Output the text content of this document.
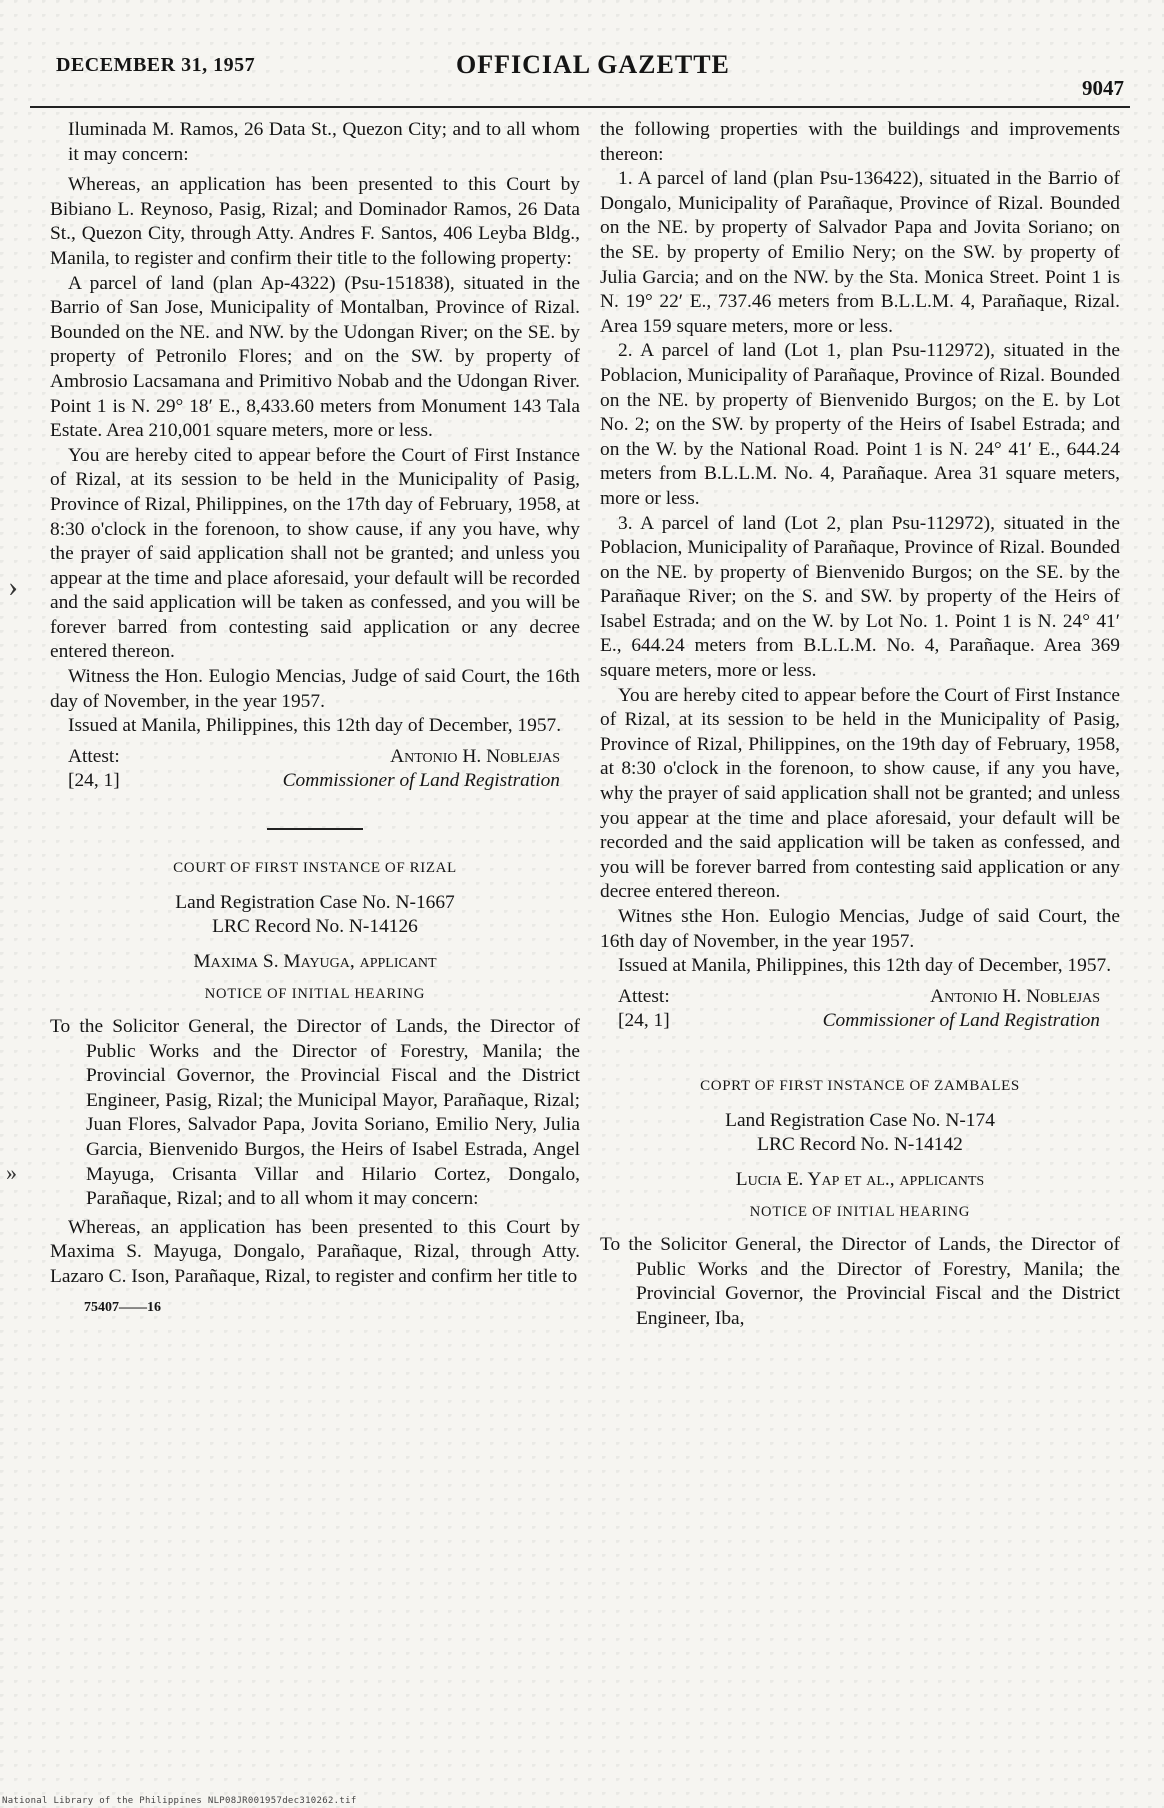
DECEMBER 31, 1957	OFFICIAL GAZETTE
9047
›
»

Iluminada M. Ramos, 26 Data St., Quezon City; and to all whom it may concern:

Whereas, an application has been presented to this Court by Bibiano L. Reynoso, Pasig, Rizal; and Dominador Ramos, 26 Data St., Quezon City, through Atty. Andres F. Santos, 406 Leyba Bldg., Manila, to register and confirm their title to the following property:

A parcel of land (plan Ap-4322) (Psu-151838), situated in the Barrio of San Jose, Municipality of Montalban, Province of Rizal. Bounded on the NE. and NW. by the Udongan River; on the SE. by property of Petronilo Flores; and on the SW. by property of Ambrosio Lacsamana and Primitivo Nobab and the Udongan River. Point 1 is N. 29° 18′ E., 8,433.60 meters from Monument 143 Tala Estate. Area 210,001 square meters, more or less.

You are hereby cited to appear before the Court of First Instance of Rizal, at its session to be held in the Municipality of Pasig, Province of Rizal, Philippines, on the 17th day of February, 1958, at 8:30 o'clock in the forenoon, to show cause, if any you have, why the prayer of said application shall not be granted; and unless you appear at the time and place aforesaid, your default will be recorded and the said application will be taken as confessed, and you will be forever barred from contesting said application or any decree entered thereon.

Witness the Hon. Eulogio Mencias, Judge of said Court, the 16th day of November, in the year 1957.

Issued at Manila, Philippines, this 12th day of December, 1957.

Attest:	Antonio H. Noblejas
[24, 1]	Commissioner of Land Registration
COURT OF FIRST INSTANCE OF RIZAL
Land Registration Case No. N-1667
LRC Record No. N-14126
Maxima S. Mayuga, applicant
NOTICE OF INITIAL HEARING

To the Solicitor General, the Director of Lands, the Director of Public Works and the Director of Forestry, Manila; the Provincial Governor, the Provincial Fiscal and the District Engineer, Pasig, Rizal; the Municipal Mayor, Parañaque, Rizal; Juan Flores, Salvador Papa, Jovita Soriano, Emilio Nery, Julia Garcia, Bienvenido Burgos, the Heirs of Isabel Estrada, Angel Mayuga, Crisanta Villar and Hilario Cortez, Dongalo, Parañaque, Rizal; and to all whom it may concern:

Whereas, an application has been presented to this Court by Maxima S. Mayuga, Dongalo, Parañaque, Rizal, through Atty. Lazaro C. Ison, Parañaque, Rizal, to register and confirm her title to

75407——16

the following properties with the buildings and improvements thereon:

1. A parcel of land (plan Psu-136422), situated in the Barrio of Dongalo, Municipality of Parañaque, Province of Rizal. Bounded on the NE. by property of Salvador Papa and Jovita Soriano; on the SE. by property of Emilio Nery; on the SW. by property of Julia Garcia; and on the NW. by the Sta. Monica Street. Point 1 is N. 19° 22′ E., 737.46 meters from B.L.L.M. 4, Parañaque, Rizal. Area 159 square meters, more or less.

2. A parcel of land (Lot 1, plan Psu-112972), situated in the Poblacion, Municipality of Parañaque, Province of Rizal. Bounded on the NE. by property of Bienvenido Burgos; on the E. by Lot No. 2; on the SW. by property of the Heirs of Isabel Estrada; and on the W. by the National Road. Point 1 is N. 24° 41′ E., 644.24 meters from B.L.L.M. No. 4, Parañaque. Area 31 square meters, more or less.

3. A parcel of land (Lot 2, plan Psu-112972), situated in the Poblacion, Municipality of Parañaque, Province of Rizal. Bounded on the NE. by property of Bienvenido Burgos; on the SE. by the Parañaque River; on the S. and SW. by property of the Heirs of Isabel Estrada; and on the W. by Lot No. 1. Point 1 is N. 24° 41′ E., 644.24 meters from B.L.L.M. No. 4, Parañaque. Area 369 square meters, more or less.

You are hereby cited to appear before the Court of First Instance of Rizal, at its session to be held in the Municipality of Pasig, Province of Rizal, Philippines, on the 19th day of February, 1958, at 8:30 o'clock in the forenoon, to show cause, if any you have, why the prayer of said application shall not be granted; and unless you appear at the time and place aforesaid, your default will be recorded and the said application will be taken as confessed, and you will be forever barred from contesting said application or any decree entered thereon.

Witnes sthe Hon. Eulogio Mencias, Judge of said Court, the 16th day of November, in the year 1957.

Issued at Manila, Philippines, this 12th day of December, 1957.

Attest:	Antonio H. Noblejas
[24, 1]	Commissioner of Land Registration
COPRT OF FIRST INSTANCE OF ZAMBALES
Land Registration Case No. N-174
LRC Record No. N-14142
Lucia E. Yap et al., applicants
NOTICE OF INITIAL HEARING

To the Solicitor General, the Director of Lands, the Director of Public Works and the Director of Forestry, Manila; the Provincial Governor, the Provincial Fiscal and the District Engineer, Iba,

National Library of the Philippines NLP08JR001957dec310262.tif
